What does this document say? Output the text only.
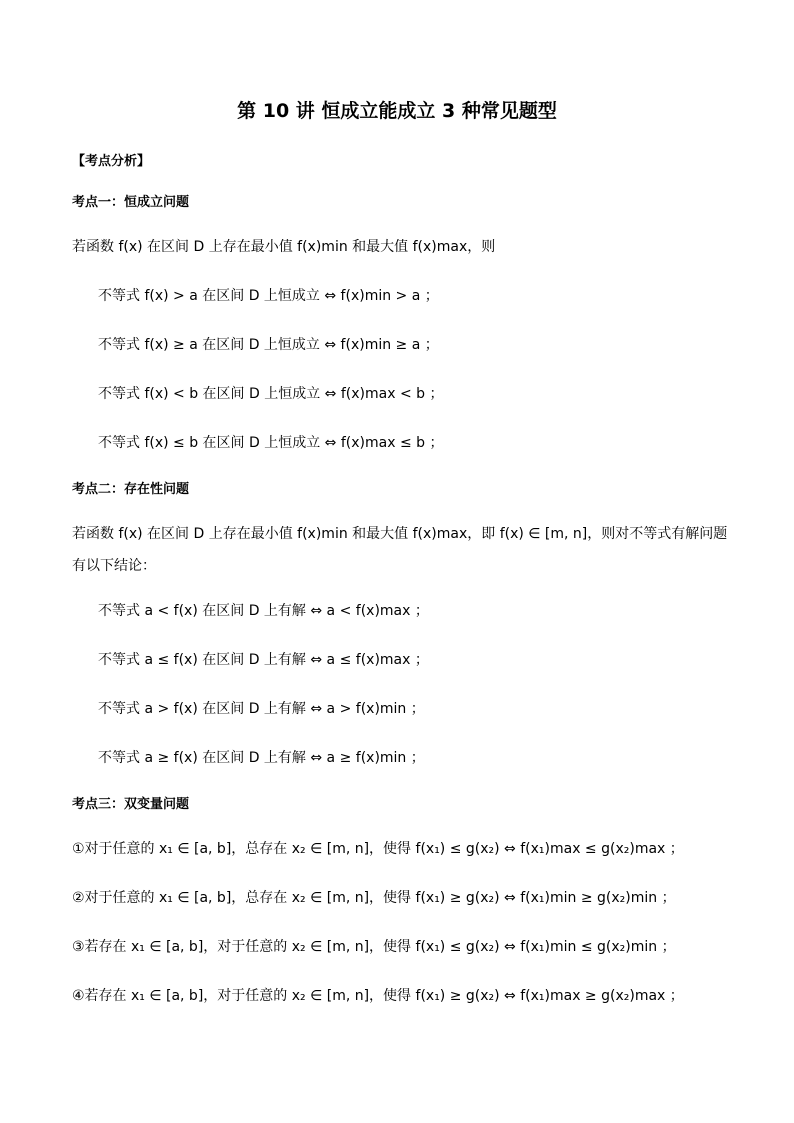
第 10 讲 恒成立能成立 3 种常见题型
【考点分析】
考点一：恒成立问题
若函数 f(x) 在区间 D 上存在最小值 f(x)min 和最大值 f(x)max，则
不等式 f(x) > a 在区间 D 上恒成立 ⇔ f(x)min > a ；
不等式 f(x) ≥ a 在区间 D 上恒成立 ⇔ f(x)min ≥ a ；
不等式 f(x) < b 在区间 D 上恒成立 ⇔ f(x)max < b ；
不等式 f(x) ≤ b 在区间 D 上恒成立 ⇔ f(x)max ≤ b ；
考点二：存在性问题
若函数 f(x) 在区间 D 上存在最小值 f(x)min 和最大值 f(x)max，即 f(x) ∈ [m, n]，则对不等式有解问题
有以下结论：
不等式 a < f(x) 在区间 D 上有解 ⇔ a < f(x)max ；
不等式 a ≤ f(x) 在区间 D 上有解 ⇔ a ≤ f(x)max ；
不等式 a > f(x) 在区间 D 上有解 ⇔ a > f(x)min ；
不等式 a ≥ f(x) 在区间 D 上有解 ⇔ a ≥ f(x)min ；
考点三：双变量问题
①对于任意的 x₁ ∈ [a, b]，总存在 x₂ ∈ [m, n]，使得 f(x₁) ≤ g(x₂) ⇔ f(x₁)max ≤ g(x₂)max ；
②对于任意的 x₁ ∈ [a, b]，总存在 x₂ ∈ [m, n]，使得 f(x₁) ≥ g(x₂) ⇔ f(x₁)min ≥ g(x₂)min ；
③若存在 x₁ ∈ [a, b]，对于任意的 x₂ ∈ [m, n]，使得 f(x₁) ≤ g(x₂) ⇔ f(x₁)min ≤ g(x₂)min ；
④若存在 x₁ ∈ [a, b]，对于任意的 x₂ ∈ [m, n]，使得 f(x₁) ≥ g(x₂) ⇔ f(x₁)max ≥ g(x₂)max ；
